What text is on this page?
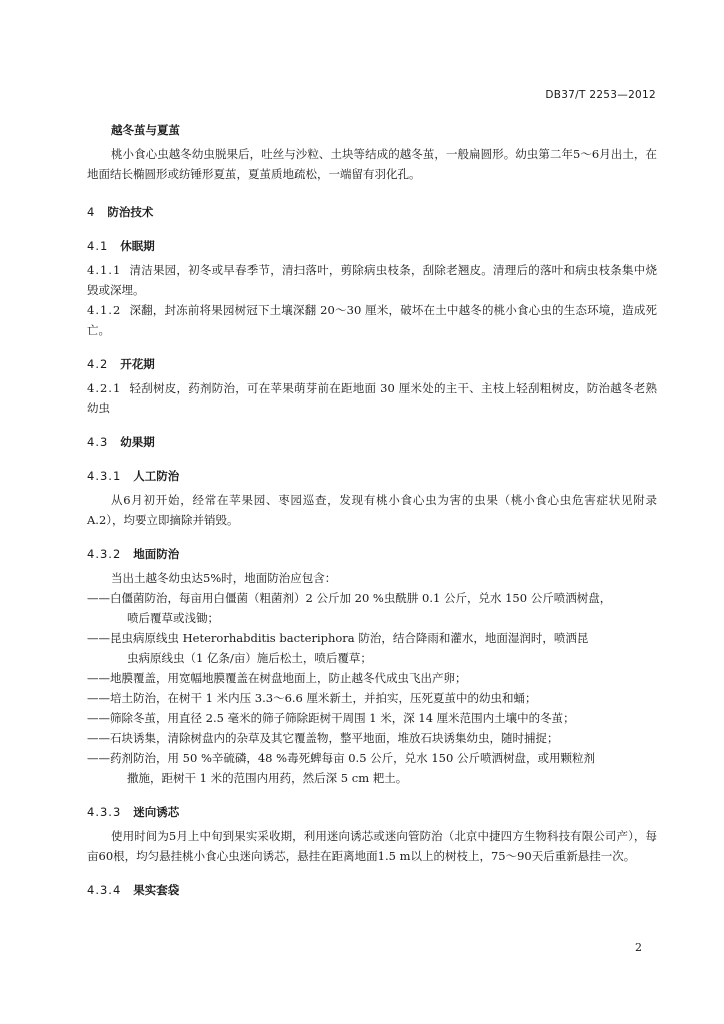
DB37/T 2253—2012

越冬茧与夏茧

桃小食心虫越冬幼虫脱果后，吐丝与沙粒、土块等结成的越冬茧，一般扁圆形。幼虫第二年5～6月出土，在地面结长椭圆形或纺锤形夏茧，夏茧质地疏松，一端留有羽化孔。

4 防治技术

4.1 休眠期

4.1.1 清洁果园，初冬或早春季节，清扫落叶，剪除病虫枝条，刮除老翘皮。清理后的落叶和病虫枝条集中烧毁或深埋。

4.1.2 深翻，封冻前将果园树冠下土壤深翻 20～30 厘米，破坏在土中越冬的桃小食心虫的生态环境，造成死亡。

4.2 开花期

4.2.1 轻刮树皮，药剂防治，可在苹果萌芽前在距地面 30 厘米处的主干、主枝上轻刮粗树皮，防治越冬老熟幼虫

4.3 幼果期

4.3.1 人工防治

从6月初开始，经常在苹果园、枣园巡查，发现有桃小食心虫为害的虫果（桃小食心虫危害症状见附录A.2），均要立即摘除并销毁。

4.3.2 地面防治

当出土越冬幼虫达5%时，地面防治应包含：

——白僵菌防治，每亩用白僵菌（粗菌剂）2 公斤加 20 %虫酰肼 0.1 公斤，兑水 150 公斤喷洒树盘，
喷后覆草或浅锄；

——昆虫病原线虫 Heterorhabditis bacteriphora 防治，结合降雨和灌水，地面湿润时，喷洒昆
虫病原线虫（1 亿条/亩）施后松土，喷后覆草；

——地膜覆盖，用宽幅地膜覆盖在树盘地面上，防止越冬代成虫飞出产卵；

——培土防治，在树干 1 米内压 3.3～6.6 厘米新土，并拍实，压死夏茧中的幼虫和蛹；

——筛除冬茧，用直径 2.5 毫米的筛子筛除距树干周围 1 米，深 14 厘米范围内土壤中的冬茧；

——石块诱集，清除树盘内的杂草及其它覆盖物，整平地面，堆放石块诱集幼虫，随时捕捉；

——药剂防治，用 50 %辛硫磷，48 %毒死蜱每亩 0.5 公斤，兑水 150 公斤喷洒树盘，或用颗粒剂
撒施，距树干 1 米的范围内用药，然后深 5 cm 耙土。

4.3.3 迷向诱芯

使用时间为5月上中旬到果实采收期，利用迷向诱芯或迷向管防治（北京中捷四方生物科技有限公司产），每亩60根，均匀悬挂桃小食心虫迷向诱芯，悬挂在距离地面1.5 m以上的树枝上，75～90天后重新悬挂一次。

4.3.4 果实套袋

2
